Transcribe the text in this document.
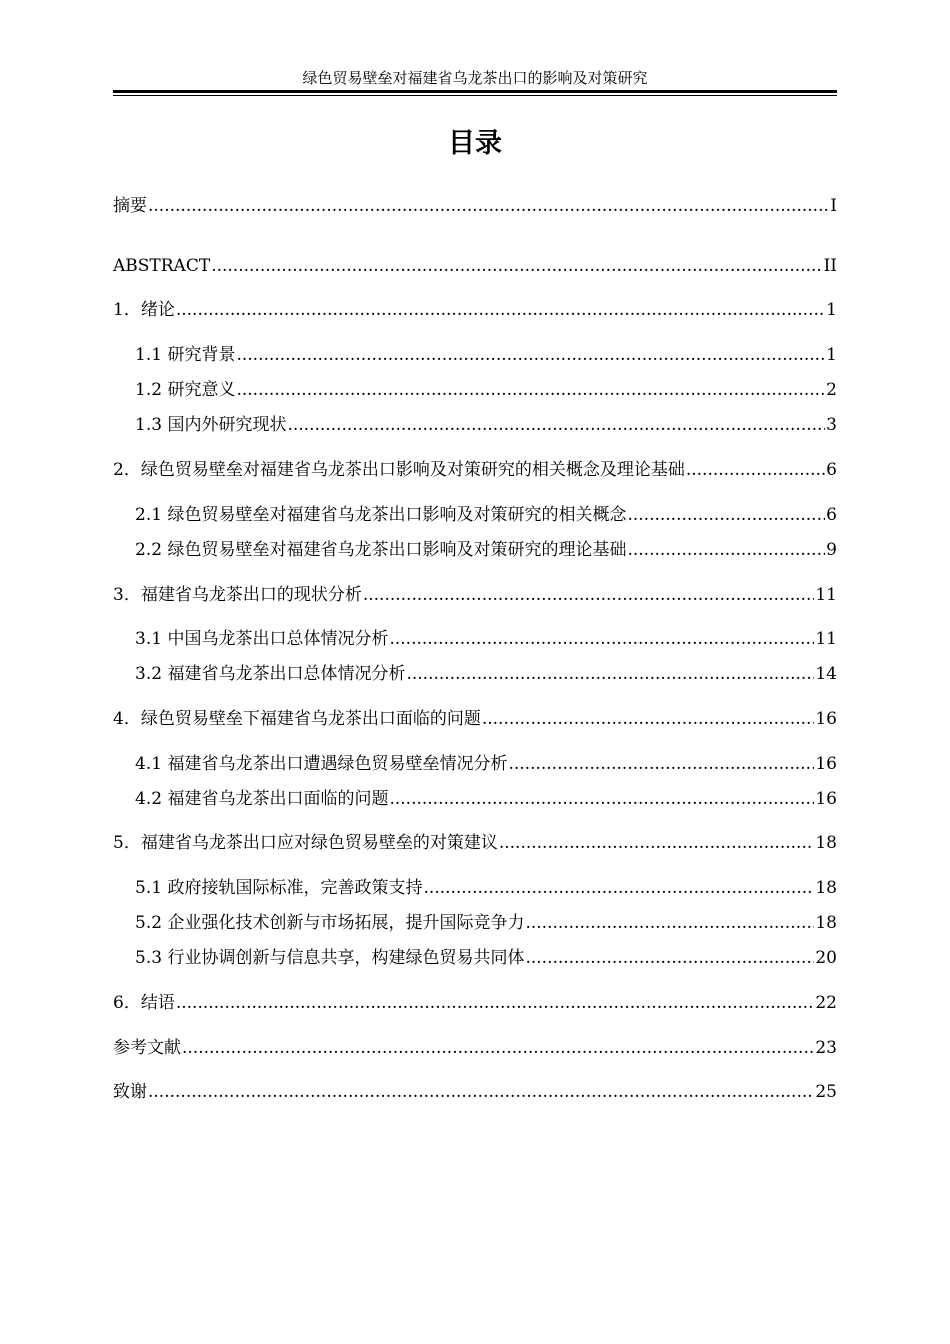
绿色贸易壁垒对福建省乌龙茶出口的影响及对策研究
目录
摘要 .....	I
ABSTRACT .....	II
1．绪论 .....	1
1.1 研究背景 .....	1
1.2 研究意义 .....	2
1.3 国内外研究现状 .....	3
2．绿色贸易壁垒对福建省乌龙茶出口影响及对策研究的相关概念及理论基础 .....	6
2.1 绿色贸易壁垒对福建省乌龙茶出口影响及对策研究的相关概念 .....	6
2.2 绿色贸易壁垒对福建省乌龙茶出口影响及对策研究的理论基础 .....	9
3．福建省乌龙茶出口的现状分析 .....	11
3.1 中国乌龙茶出口总体情况分析 .....	11
3.2 福建省乌龙茶出口总体情况分析 .....	14
4．绿色贸易壁垒下福建省乌龙茶出口面临的问题 .....	16
4.1 福建省乌龙茶出口遭遇绿色贸易壁垒情况分析 .....	16
4.2 福建省乌龙茶出口面临的问题 .....	16
5．福建省乌龙茶出口应对绿色贸易壁垒的对策建议 .....	18
5.1 政府接轨国际标准，完善政策支持 .....	18
5.2 企业强化技术创新与市场拓展，提升国际竞争力 .....	18
5.3 行业协调创新与信息共享，构建绿色贸易共同体 .....	20
6．结语 .....	22
参考文献 .....	23
致谢 .....	25
